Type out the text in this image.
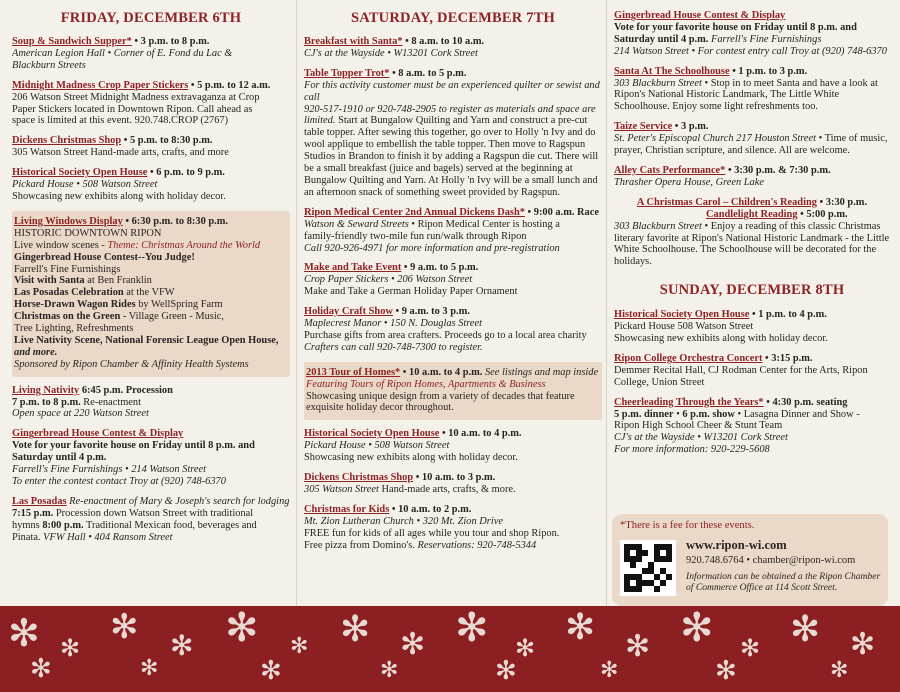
FRIDAY, DECEMBER 6TH
Soup & Sandwich Supper* • 3 p.m. to 8 p.m.
American Legion Hall • Corner of E. Fond du Lac &
Blackburn Streets
Midnight Madness Crop Paper Stickers • 5 p.m. to 12 a.m.
206 Watson Street Midnight Madness extravaganza at Crop
Paper Stickers located in Downtown Ripon. Call ahead as
space is limited at this event. 920.748.CROP (2767)
Dickens Christmas Shop • 5 p.m. to 8:30 p.m.
305 Watson Street Hand-made arts, crafts, and more
Historical Society Open House • 6 p.m. to 9 p.m.
Pickard House • 508 Watson Street
Showcasing new exhibits along with holiday decor.
Living Windows Display • 6:30 p.m. to 8:30 p.m.
HISTORIC DOWNTOWN RIPON
Live window scenes - Theme: Christmas Around the World
Gingerbread House Contest--You Judge!
Farrell's Fine Furnishings
Visit with Santa at Ben Franklin
Las Posadas Celebration at the VFW
Horse-Drawn Wagon Rides by WellSpring Farm
Christmas on the Green - Village Green - Music,
Tree Lighting, Refreshments
Live Nativity Scene, National Forensic League Open House,
and more.
Sponsored by Ripon Chamber & Affinity Health Systems
Living Nativity 6:45 p.m. Procession
7 p.m. to 8 p.m. Re-enactment
Open space at 220 Watson Street
Gingerbread House Contest & Display
Vote for your favorite house on Friday until 8 p.m. and
Saturday until 4 p.m.
Farrell's Fine Furnishings • 214 Watson Street
To enter the contest contact Troy at (920) 748-6370
Las Posadas Re-enactment of Mary & Joseph's search for lodging
7:15 p.m. Procession down Watson Street with traditional
hymns 8:00 p.m. Traditional Mexican food, beverages and
Pinata. VFW Hall • 404 Ransom Street
SATURDAY, DECEMBER 7TH
Breakfast with Santa* • 8 a.m. to 10 a.m.
CJ's at the Wayside • W13201 Cork Street
Table Topper Trot* • 8 a.m. to 5 p.m.
For this activity customer must be an experienced quilter or sewist and call
920-517-1910 or 920-748-2905 to register as materials and space are
limited. Start at Bungalow Quilting and Yarn and construct a pre-cut
table topper. After sewing this together, go over to Holly 'n Ivy and do
wool applique to embellish the table topper. Then move to Ragspun
Studios in Brandon to finish it by adding a Ragspun die cut. There will
be a small breakfast (juice and bagels) served at the beginning at
Bungalow Quilting and Yarn. At Holly 'n Ivy will be a small lunch and
an afternoon snack of something sweet provided by Ragspun.
Ripon Medical Center 2nd Annual Dickens Dash* • 9:00 a.m. Race
Watson & Seward Streets • Ripon Medical Center is hosting a
family-friendly two-mile fun run/walk through Ripon
Call 920-926-4971 for more information and pre-registration
Make and Take Event • 9 a.m. to 5 p.m.
Crop Paper Stickers • 206 Watson Street
Make and Take a German Holiday Paper Ornament
Holiday Craft Show • 9 a.m. to 3 p.m.
Maplecrest Manor • 150 N. Douglas Street
Purchase gifts from area crafters. Proceeds go to a local area charity
Crafters can call 920-748-7300 to register.
2013 Tour of Homes* • 10 a.m. to 4 p.m. See listings and map inside
Featuring Tours of Ripon Homes, Apartments & Business
Showcasing unique design from a variety of decades that feature
exquisite holiday decor throughout.
Historical Society Open House • 10 a.m. to 4 p.m.
Pickard House • 508 Watson Street
Showcasing new exhibits along with holiday decor.
Dickens Christmas Shop • 10 a.m. to 3 p.m.
305 Watson Street Hand-made arts, crafts, & more.
Christmas for Kids • 10 a.m. to 2 p.m.
Mt. Zion Lutheran Church • 320 Mt. Zion Drive
FREE fun for kids of all ages while you tour and shop Ripon.
Free pizza from Domino's. Reservations: 920-748-5344
Gingerbread House Contest & Display
Vote for your favorite house on Friday until 8 p.m. and
Saturday until 4 p.m. Farrell's Fine Furnishings
214 Watson Street • For contest entry call Troy at (920) 748-6370
Santa At The Schoolhouse • 1 p.m. to 3 p.m.
303 Blackburn Street • Stop in to meet Santa and have a look at
Ripon's National Historic Landmark, The Little White
Schoolhouse. Enjoy some light refreshments too.
Taize Service • 3 p.m.
St. Peter's Episcopal Church 217 Houston Street • Time of music,
prayer, Christian scripture, and silence. All are welcome.
Alley Cats Performance* • 3:30 p.m. & 7:30 p.m.
Thrasher Opera House, Green Lake
A Christmas Carol – Children's Reading • 3:30 p.m.
Candlelight Reading • 5:00 p.m.
303 Blackburn Street • Enjoy a reading of this classic Christmas
literary favorite at Ripon's National Historic Landmark - the Little
White Schoolhouse. The Schoolhouse will be decorated for the
holidays.
SUNDAY, DECEMBER 8TH
Historical Society Open House • 1 p.m. to 4 p.m.
Pickard House 508 Watson Street
Showcasing new exhibits along with holiday decor.
Ripon College Orchestra Concert • 3:15 p.m.
Demmer Recital Hall, CJ Rodman Center for the Arts, Ripon
College, Union Street
Cheerleading Through the Years* • 4:30 p.m. seating
5 p.m. dinner • 6 p.m. show • Lasagna Dinner and Show -
Ripon High School Cheer & Stunt Team
CJ's at the Wayside • W13201 Cork Street
For more information: 920-229-5608
*There is a fee for these events.
www.ripon-wi.com
920.748.6764 • chamber@ripon-wi.com
Information can be obtained a the Ripon Chamber of Commerce Office at 114 Scott Street.
✻ ✻
✻ ✻ ✻ ✻ ✻ ✻ ✻ ✻ ✻ ✻ ✻ ✻ ✻ ✻
✻	✻	✻	✻	✻	✻	✻	✻
